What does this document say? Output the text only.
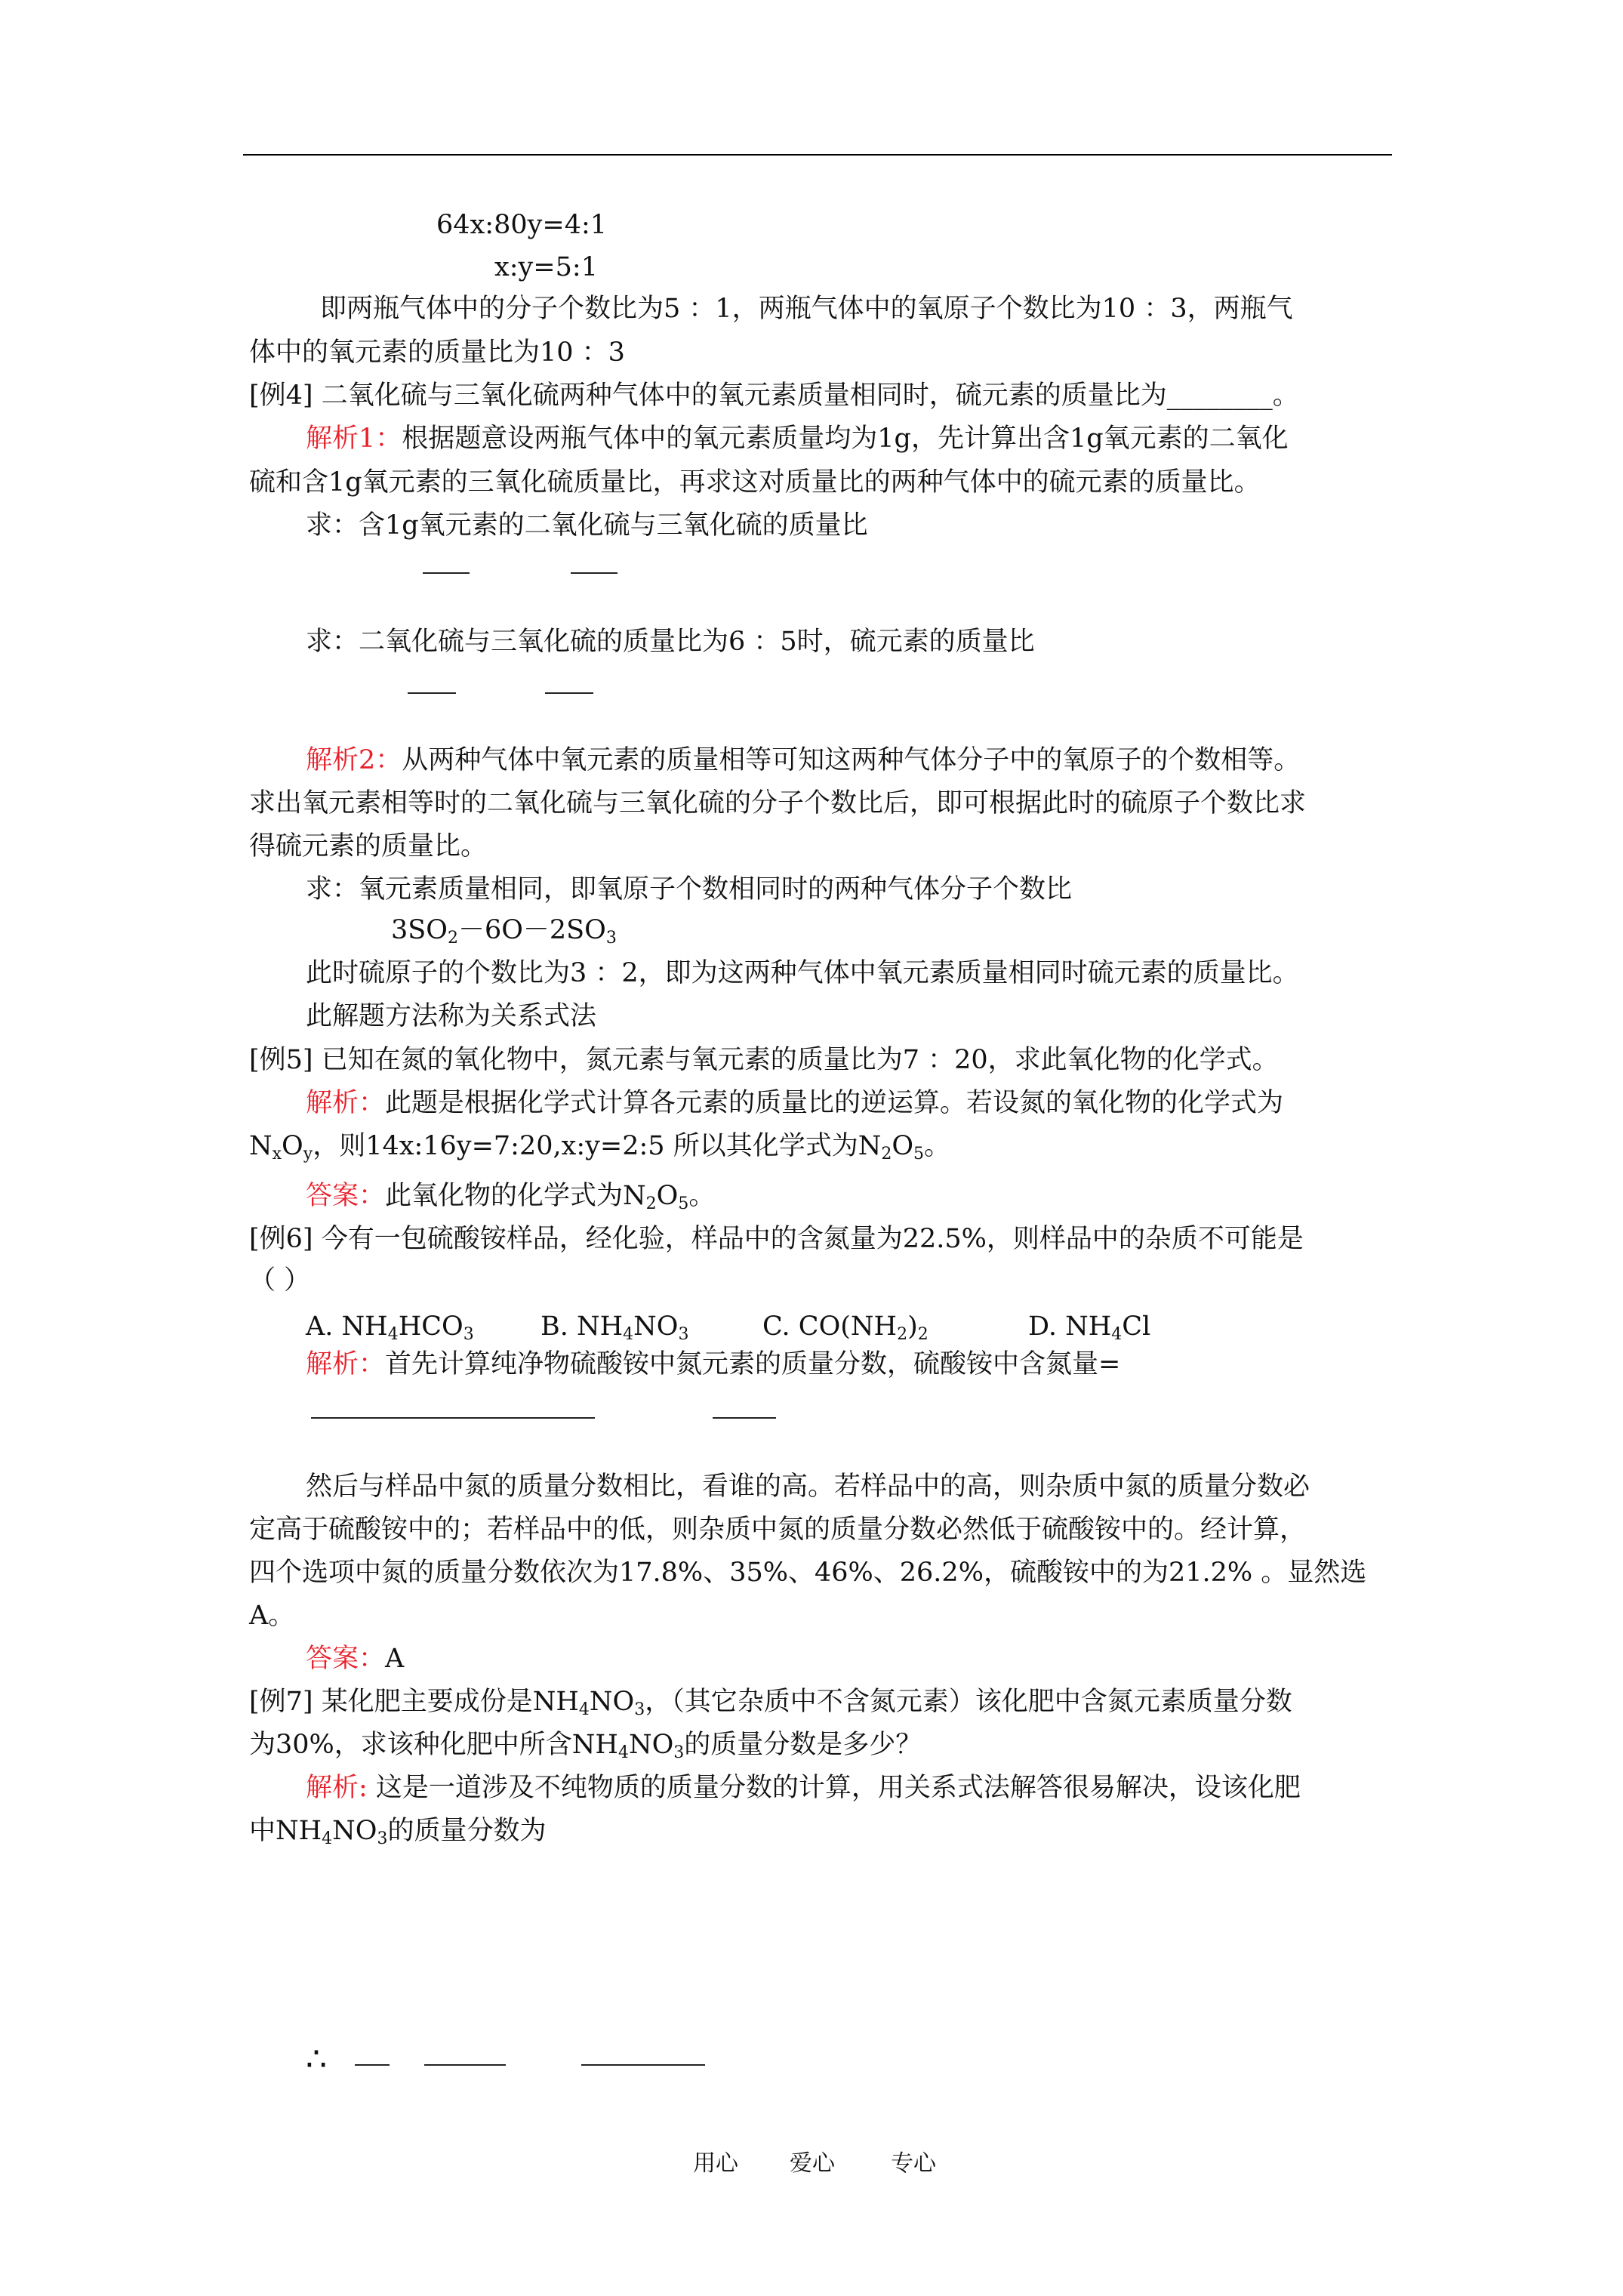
64x:80y=4:1
x:y=5:1
即两瓶气体中的分子个数比为5 ：1，两瓶气体中的氧原子个数比为10 ：3，两瓶气
体中的氧元素的质量比为10 ：3
[例4] 二氧化硫与三氧化硫两种气体中的氧元素质量相同时，硫元素的质量比为________。
解析1：根据题意设两瓶气体中的氧元素质量均为1g，先计算出含1g氧元素的二氧化
硫和含1g氧元素的三氧化硫质量比，再求这对质量比的两种气体中的硫元素的质量比。
求：含1g氧元素的二氧化硫与三氧化硫的质量比
求：二氧化硫与三氧化硫的质量比为6 ：5时，硫元素的质量比
解析2：从两种气体中氧元素的质量相等可知这两种气体分子中的氧原子的个数相等。
求出氧元素相等时的二氧化硫与三氧化硫的分子个数比后，即可根据此时的硫原子个数比求
得硫元素的质量比。
求：氧元素质量相同，即氧原子个数相同时的两种气体分子个数比
$3SO_2-6O-2SO_3$
此时硫原子的个数比为3 ：2，即为这两种气体中氧元素质量相同时硫元素的质量比。
此解题方法称为关系式法
[例5] 已知在氮的氧化物中，氮元素与氧元素的质量比为7 ：20，求此氧化物的化学式。
解析：此题是根据化学式计算各元素的质量比的逆运算。若设氮的氧化物的化学式为
$N_xO_y$，则14x:16y=7:20,x:y=2:5 所以其化学式为$N_2O_5$。
答案：此氧化物的化学式为$N_2O_5$。
[例6] 今有一包硫酸铵样品，经化验，样品中的含氮量为22.5%，则样品中的杂质不可能是
（ ）
A. $NH_4HCO_3$	B. $NH_4NO_3$	C. $CO(NH_2)_2$	D. $NH_4Cl$
解析：首先计算纯净物硫酸铵中氮元素的质量分数，硫酸铵中含氮量=
然后与样品中氮的质量分数相比，看谁的高。若样品中的高，则杂质中氮的质量分数必
定高于硫酸铵中的；若样品中的低，则杂质中氮的质量分数必然低于硫酸铵中的。经计算，
四个选项中氮的质量分数依次为17.8%、35%、46%、26.2%，硫酸铵中的为21.2% 。显然选
A。
答案：A
[例7] 某化肥主要成份是$NH_4NO_3$，（其它杂质中不含氮元素）该化肥中含氮元素质量分数
为30%，求该种化肥中所含$NH_4NO_3$的质量分数是多少？
解析: 这是一道涉及不纯物质的质量分数的计算，用关系式法解答很易解决，设该化肥
中$NH_4NO_3$的质量分数为
∴
用心 爱心 专心
